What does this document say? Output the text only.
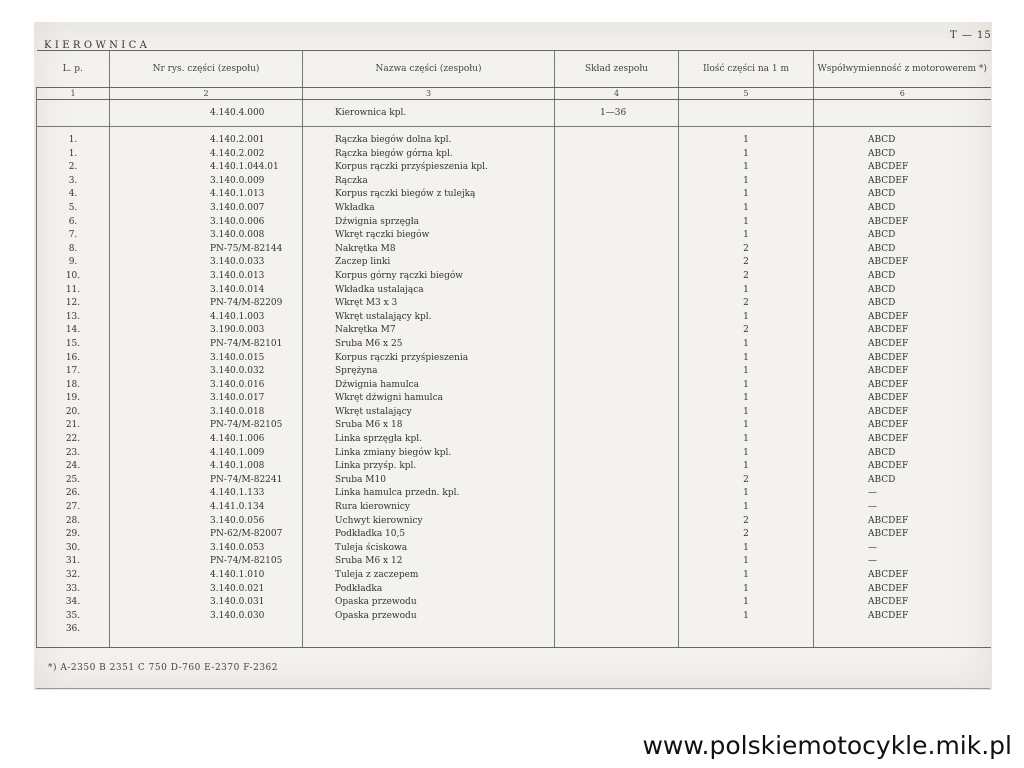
KIEROWNICA
T — 15
L. p.	Nr rys. części (zespołu)	Nazwa części (zespołu)	Skład zespołu	Ilość części na 1 m	Współwymienność z motorowerem *)
1	2	3	4	5	6
	4.140.4.000	Kierownica kpl.	1—36		

1.	4.140.2.001	Rączka biegów dolna kpl.		1	ABCD
1.	4.140.2.002	Rączka biegów górna kpl.		1	ABCD
2.	4.140.1.044.01	Korpus rączki przyśpieszenia kpl.		1	ABCDEF
3.	3.140.0.009	Rączka		1	ABCDEF
4.	4.140.1.013	Korpus rączki biegów z tulejką		1	ABCD
5.	3.140.0.007	Wkładka		1	ABCD
6.	3.140.0.006	Dźwignia sprzęgła		1	ABCDEF
7.	3.140.0.008	Wkręt rączki biegów		1	ABCD
8.	PN-75/M-82144	Nakrętka M8		2	ABCD
9.	3.140.0.033	Zaczep linki		2	ABCDEF
10.	3.140.0.013	Korpus górny rączki biegów		2	ABCD
11.	3.140.0.014	Wkładka ustalająca		1	ABCD
12.	PN-74/M-82209	Wkręt M3 x 3		2	ABCD
13.	4.140.1.003	Wkręt ustalający kpl.		1	ABCDEF
14.	3.190.0.003	Nakrętka M7		2	ABCDEF
15.	PN-74/M-82101	Śruba M6 x 25		1	ABCDEF
16.	3.140.0.015	Korpus rączki przyśpieszenia		1	ABCDEF
17.	3.140.0.032	Sprężyna		1	ABCDEF
18.	3.140.0.016	Dźwignia hamulca		1	ABCDEF
19.	3.140.0.017	Wkręt dźwigni hamulca		1	ABCDEF
20.	3.140.0.018	Wkręt ustalający		1	ABCDEF
21.	PN-74/M-82105	Śruba M6 x 18		1	ABCDEF
22.	4.140.1.006	Linka sprzęgła kpl.		1	ABCDEF
23.	4.140.1.009	Linka zmiany biegów kpl.		1	ABCD
24.	4.140.1.008	Linka przyśp. kpl.		1	ABCDEF
25.	PN-74/M-82241	Śruba M10		2	ABCD
26.	4.140.1.133	Linka hamulca przedn. kpl.		1	—
27.	4.141.0.134	Rura kierownicy		1	—
28.	3.140.0.056	Uchwyt kierownicy		2	ABCDEF
29.	PN-62/M-82007	Podkładka 10,5		2	ABCDEF
30.	3.140.0.053	Tuleja ściskowa		1	—
31.	PN-74/M-82105	Śruba M6 x 12		1	—
32.	4.140.1.010	Tuleja z zaczepem		1	ABCDEF
33.	3.140.0.021	Podkładka		1	ABCDEF
34.	3.140.0.031	Opaska przewodu		1	ABCDEF
35.	3.140.0.030	Opaska przewodu		1	ABCDEF
36.					

*) A-2350 B 2351 C 750 D-760 E-2370 F-2362
www.polskiemotocykle.mik.pl
